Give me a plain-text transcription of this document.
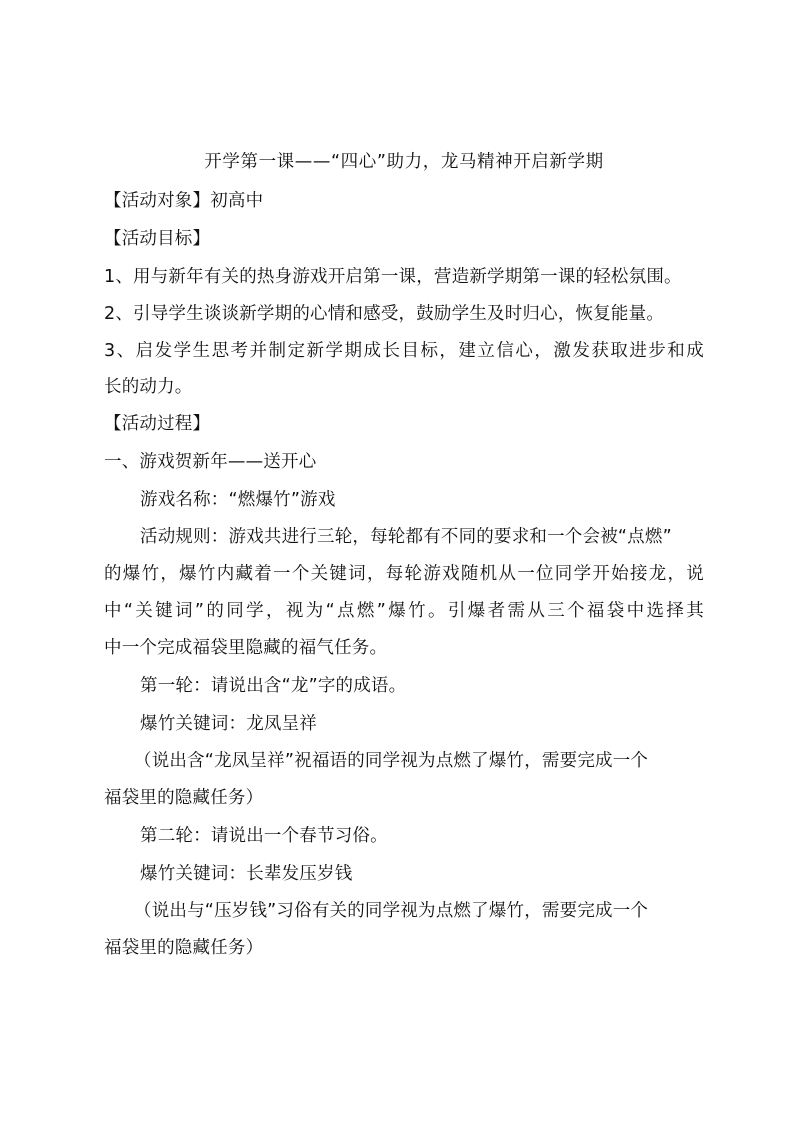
开学第一课——“四心”助力，龙马精神开启新学期
【活动对象】初高中
【活动目标】
1、用与新年有关的热身游戏开启第一课，营造新学期第一课的轻松氛围。
2、引导学生谈谈新学期的心情和感受，鼓励学生及时归心，恢复能量。
3、启发学生思考并制定新学期成长目标，建立信心，激发获取进步和成
长的动力。
【活动过程】
一、游戏贺新年——送开心
游戏名称：“燃爆竹”游戏
活动规则：游戏共进行三轮，每轮都有不同的要求和一个会被“点燃”
的爆竹，爆竹内藏着一个关键词，每轮游戏随机从一位同学开始接龙，说
中“关键词”的同学，视为“点燃”爆竹。引爆者需从三个福袋中选择其
中一个完成福袋里隐藏的福气任务。
第一轮：请说出含“龙”字的成语。
爆竹关键词：龙凤呈祥
（说出含“龙凤呈祥”祝福语的同学视为点燃了爆竹，需要完成一个
福袋里的隐藏任务）
第二轮：请说出一个春节习俗。
爆竹关键词：长辈发压岁钱
（说出与“压岁钱”习俗有关的同学视为点燃了爆竹，需要完成一个
福袋里的隐藏任务）
